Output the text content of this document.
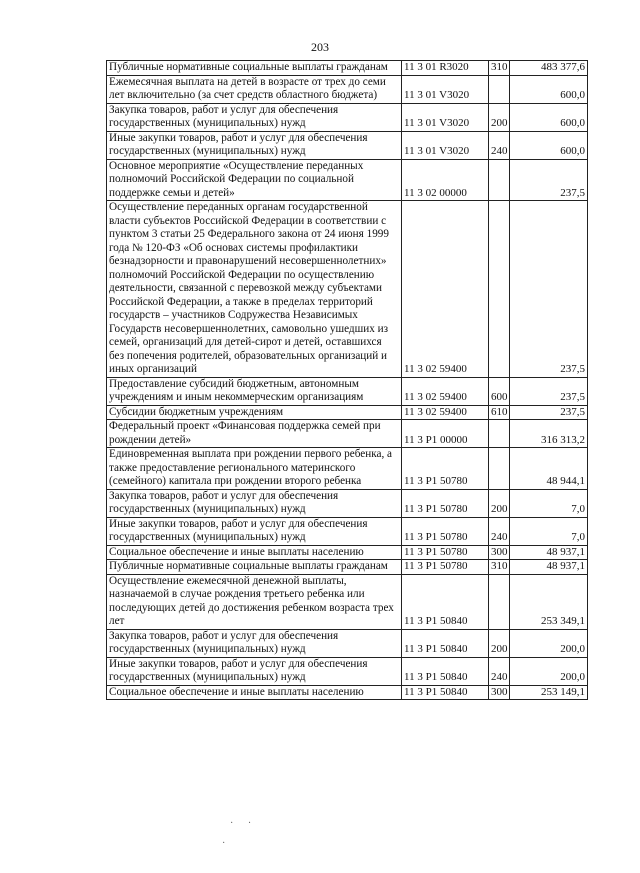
203
Публичные нормативные социальные выплаты гражданам	11 3 01 R3020	310	483 377,6
Ежемесячная выплата на детей в возрасте от трех до семи лет включительно (за счет средств областного бюджета)	11 3 01 V3020		600,0
Закупка товаров, работ и услуг для обеспечения государственных (муниципальных) нужд	11 3 01 V3020	200	600,0
Иные закупки товаров, работ и услуг для обеспечения государственных (муниципальных) нужд	11 3 01 V3020	240	600,0
Основное мероприятие «Осуществление переданных полномочий Российской Федерации по социальной поддержке семьи и детей»	11 3 02 00000		237,5
Осуществление переданных органам государственной власти субъектов Российской Федерации в соответствии с пунктом 3 статьи 25 Федерального закона от 24 июня 1999 года № 120-ФЗ «Об основах системы профилактики безнадзорности и правонарушений несовершеннолетних» полномочий Российской Федерации по осуществлению деятельности, связанной с перевозкой между субъектами Российской Федерации, а также в пределах территорий государств – участников Содружества Независимых Государств несовершеннолетних, самовольно ушедших из семей, организаций для детей-сирот и детей, оставшихся без попечения родителей, образовательных организаций и иных организаций	11 3 02 59400		237,5
Предоставление субсидий бюджетным, автономным учреждениям и иным некоммерческим организациям	11 3 02 59400	600	237,5
Субсидии бюджетным учреждениям	11 3 02 59400	610	237,5
Федеральный проект «Финансовая поддержка семей при рождении детей»	11 3 P1 00000		316 313,2
Единовременная выплата при рождении первого ребенка, а также предоставление регионального материнского (семейного) капитала при рождении второго ребенка	11 3 P1 50780		48 944,1
Закупка товаров, работ и услуг для обеспечения государственных (муниципальных) нужд	11 3 P1 50780	200	7,0
Иные закупки товаров, работ и услуг для обеспечения государственных (муниципальных) нужд	11 3 P1 50780	240	7,0
Социальное обеспечение и иные выплаты населению	11 3 P1 50780	300	48 937,1
Публичные нормативные социальные выплаты гражданам	11 3 P1 50780	310	48 937,1
Осуществление ежемесячной денежной выплаты, назначаемой в случае рождения третьего ребенка или последующих детей до достижения ребенком возраста трех лет	11 3 P1 50840		253 349,1
Закупка товаров, работ и услуг для обеспечения государственных (муниципальных) нужд	11 3 P1 50840	200	200,0
Иные закупки товаров, работ и услуг для обеспечения государственных (муниципальных) нужд	11 3 P1 50840	240	200,0
Социальное обеспечение и иные выплаты населению	11 3 P1 50840	300	253 149,1
· ·
·
